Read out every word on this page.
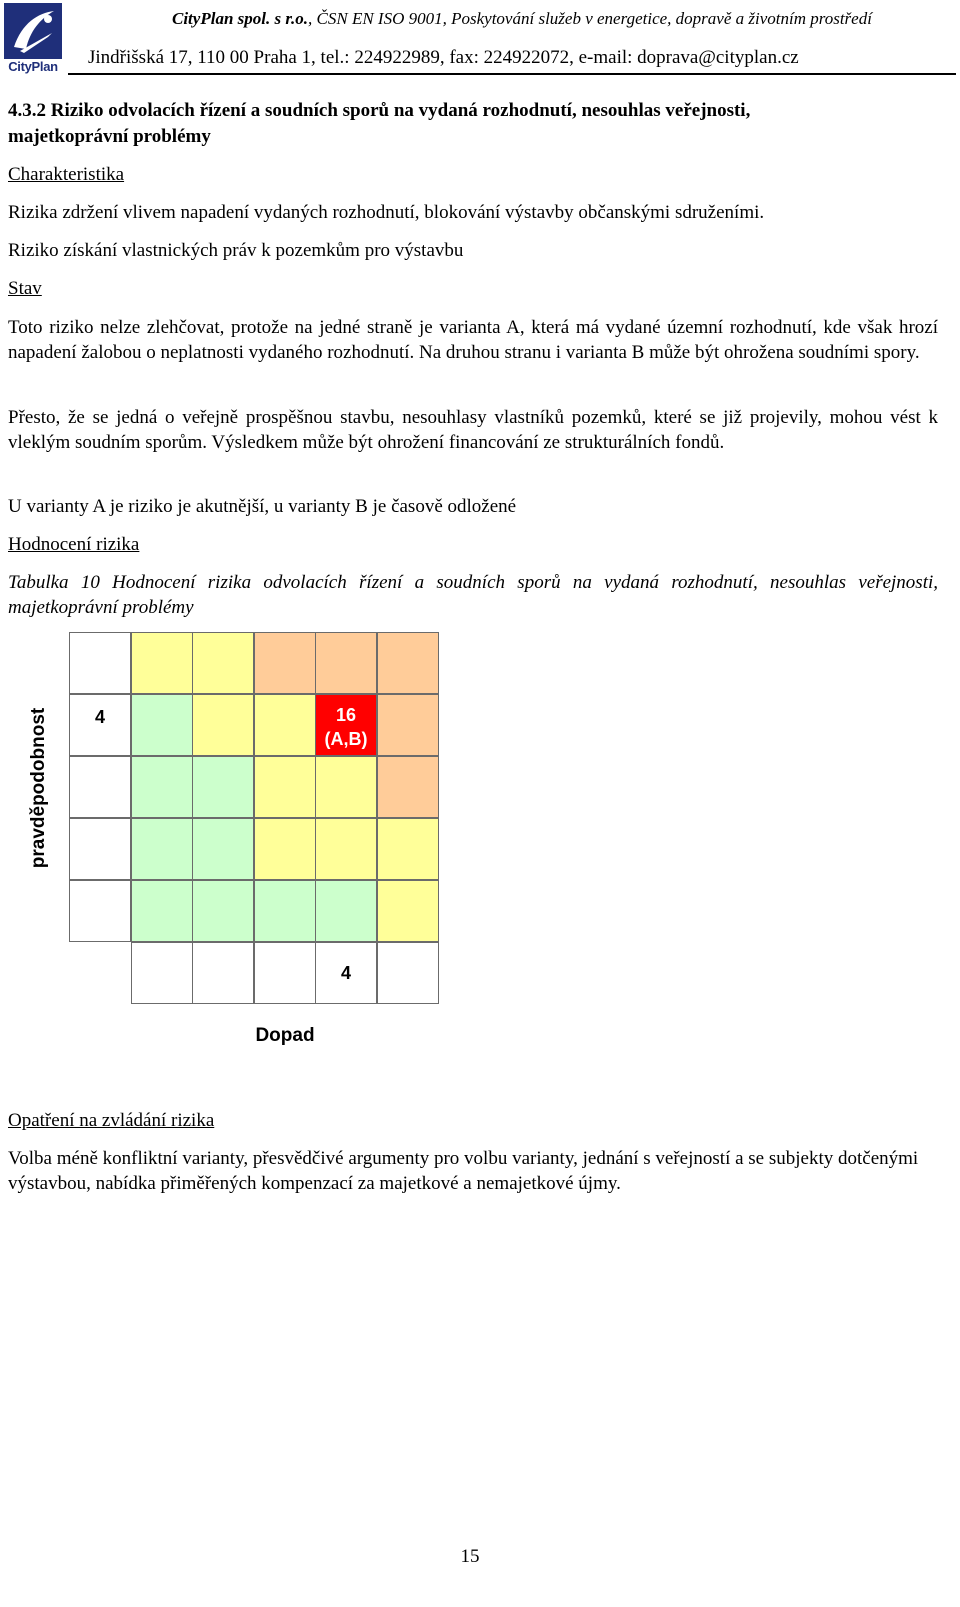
CityPlan
CityPlan spol. s r.o., ČSN EN ISO 9001, Poskytování služeb v energetice, dopravě a životním prostředí
Jindřišská 17, 110 00 Praha 1, tel.: 224922989, fax: 224922072, e-mail: doprava@cityplan.cz

4.3.2 Riziko odvolacích řízení a soudních sporů na vydaná rozhodnutí, nesouhlas veřejnosti,

majetkoprávní problémy

Charakteristika

Rizika zdržení vlivem napadení vydaných rozhodnutí, blokování výstavby občanskými sdruženími.

Riziko získání vlastnických práv k pozemkům pro výstavbu

Stav

Toto riziko nelze zlehčovat, protože na jedné straně je varianta A, která má vydané územní rozhodnutí, kde však hrozí napadení žalobou o neplatnosti vydaného rozhodnutí. Na druhou stranu i varianta B může být ohrožena soudními spory.

Přesto, že se jedná o veřejně prospěšnou stavbu, nesouhlasy vlastníků pozemků, které se již projevily, mohou vést k vleklým soudním sporům. Výsledkem může být ohrožení financování ze strukturálních fondů.

U varianty A je riziko je akutnější, u varianty B je časově odložené

Hodnocení rizika

Tabulka 10 Hodnocení rizika odvolacích řízení a soudních sporů na vydaná rozhodnutí, nesouhlas veřejnosti, majetkoprávní problémy

pravděpodobnost	4	16
(A,B)
4
Dopad

Opatření na zvládání rizika

Volba méně konfliktní varianty, přesvědčivé argumenty pro volbu varianty, jednání s veřejností a se subjekty dotčenými výstavbou, nabídka přiměřených kompenzací za majetkové a nemajetkové újmy.

15
